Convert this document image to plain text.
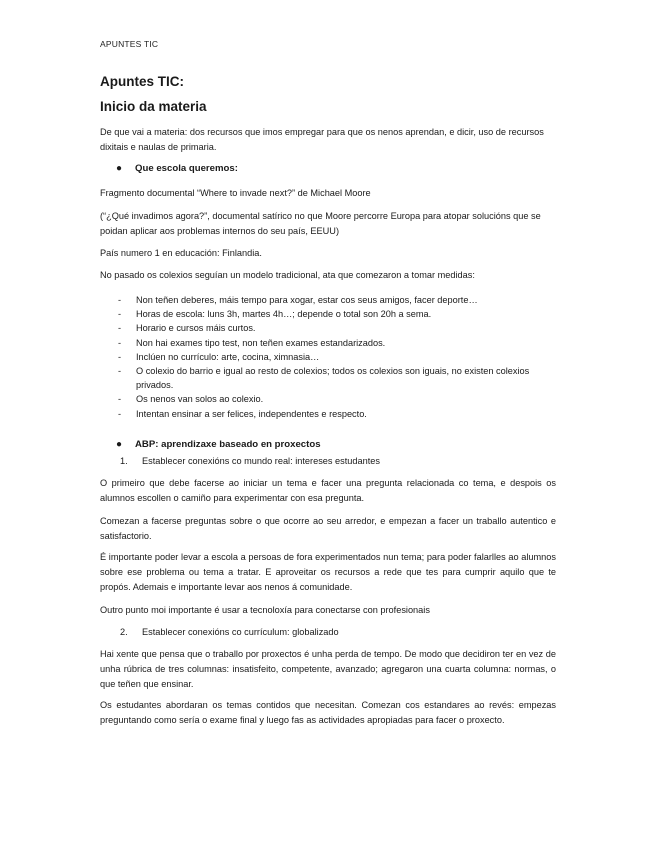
APUNTES TIC
Apuntes TIC:
Inicio da materia

De que vai a materia: dos recursos que imos empregar para que os nenos aprendan, e dicir, uso de recursos dixitais e naulas de primaria.

● Que escola queremos:

Fragmento documental “Where to invade next?” de Michael Moore

(“¿Qué invadimos agora?”, documental satírico no que Moore percorre Europa para atopar solucións que se poidan aplicar aos problemas internos do seu país, EEUU)

País numero 1 en educación: Finlandia.

No pasado os colexios seguían un modelo tradicional, ata que comezaron a tomar medidas:

- Non teñen deberes, máis tempo para xogar, estar cos seus amigos, facer deporte…
- Horas de escola: luns 3h, martes 4h…; depende o total son 20h a sema.
- Horario e cursos máis curtos.
- Non hai exames tipo test, non teñen exames estandarizados.
- Inclúen no currículo: arte, cocina, ximnasia…
- O colexio do barrio e igual ao resto de colexios; todos os colexios son iguais, no existen colexios privados.
- Os nenos van solos ao colexio.
- Intentan ensinar a ser felices, independentes e respecto.
● ABP: aprendizaxe baseado en proxectos
1. Establecer conexións co mundo real: intereses estudantes

O primeiro que debe facerse ao iniciar un tema e facer una pregunta relacionada co tema, e despois os alumnos escollen o camiño para experimentar con esa pregunta.

Comezan a facerse preguntas sobre o que ocorre ao seu arredor, e empezan a facer un traballo autentico e satisfactorio.

É importante poder levar a escola a persoas de fora experimentados nun tema; para poder falarlles ao alumnos sobre ese problema ou tema a tratar. E aproveitar os recursos a rede que tes para cumprir aquilo que te propós. Ademais e importante levar aos nenos á comunidade.

Outro punto moi importante é usar a tecnoloxía para conectarse con profesionais

2. Establecer conexións co currículum: globalizado

Hai xente que pensa que o traballo por proxectos é unha perda de tempo. De modo que decidiron ter en vez de unha rúbrica de tres columnas: insatisfeito, competente, avanzado; agregaron una cuarta columna: normas, o que teñen que ensinar.

Os estudantes abordaran os temas contidos que necesitan. Comezan cos estandares ao revés: empezas preguntando como sería o exame final y luego fas as actividades apropiadas para facer o proxecto.
